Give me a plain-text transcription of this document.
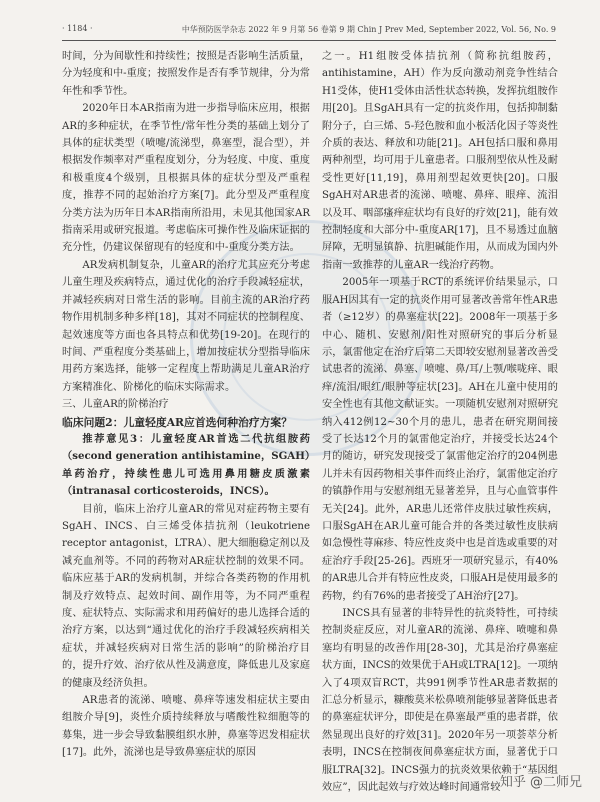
· 1184 ·	中华预防医学杂志 2022 年 9 月第 56 卷第 9 期 Chin J Prev Med, September 2022, Vol. 56, No. 9

时间，分为间歇性和持续性；按照是否影响生活质量，分为轻度和中-重度；按照发作是否有季节规律，分为常年性和季节性。

2020年日本AR指南为进一步指导临床应用，根据AR的多种症状，在季节性/常年性分类的基础上划分了具体的症状类型（喷嚏/流涕型，鼻塞型，混合型），并根据发作频率对严重程度划分，分为轻度、中度、重度和极重度4个级别，且根据具体的症状分型及严重程度，推荐不同的起始治疗方案[7]。此分型及严重程度分类方法为历年日本AR指南所沿用，未见其他国家AR指南采用或研究报道。考虑临床可操作性及临床证据的充分性，仍建议保留现有的轻度和中-重度分类方法。

AR发病机制复杂，儿童AR的治疗尤其应充分考虑儿童生理及疾病特点，通过优化的治疗手段减轻症状，并减轻疾病对日常生活的影响。目前主流的AR治疗药物作用机制多种多样[18]，其对不同症状的控制程度、起效速度等方面也各具特点和优势[19-20]。在现行的时间、严重程度分类基础上，增加按症状分型指导临床用药方案选择，能够一定程度上帮助满足儿童AR治疗方案精准化、阶梯化的临床实际需求。

三、儿童AR的阶梯治疗

临床问题2：儿童轻度AR应首选何种治疗方案？

推荐意见3：儿童轻度AR首选二代抗组胺药（second generation antihistamine，SGAH）单药治疗，持续性患儿可选用鼻用糖皮质激素（intranasal corticosteroids，INCS）。

目前，临床上治疗儿童AR的常见对症药物主要有SgAH、INCS、白三烯受体拮抗剂（leukotriene receptor antagonist，LTRA）、肥大细胞稳定剂以及减充血剂等。不同的药物对AR症状控制的效果不同。临床应基于AR的发病机制，并综合各类药物的作用机制及疗效特点、起效时间、副作用等，为不同严重程度、症状特点、实际需求和用药偏好的患儿选择合适的治疗方案，以达到“通过优化的治疗手段减轻疾病相关症状，并减轻疾病对日常生活的影响”的阶梯治疗目的，提升疗效、治疗依从性及满意度，降低患儿及家庭的健康及经济负担。

AR患者的流涕、喷嚏、鼻痒等速发相症状主要由组胺介导[9]，炎性介质持续释放与嗜酸性粒细胞等的募集，进一步会导致黏膜组织水肿，鼻塞等迟发相症状[17]。此外，流涕也是导致鼻塞症状的原因

之一。H1组胺受体拮抗剂（简称抗组胺药，antihistamine，AH）作为反向激动剂竞争性结合H1受体，使H1受体由活性状态转换，发挥抗组胺作用[20]。且SgAH具有一定的抗炎作用，包括抑制黏附分子，白三烯、5-羟色胺和血小板活化因子等炎性介质的表达、释放和功能[21]。AH包括口服和鼻用两种剂型，均可用于儿童患者。口服剂型依从性及耐受性更好[11,19]，鼻用剂型起效更快[20]。口服SgAH对AR患者的流涕、喷嚏、鼻痒、眼痒、流泪以及耳、咽部瘙痒症状均有良好的疗效[21]，能有效控制轻度和大部分中-重度AR[17]，且不易透过血脑屏障，无明显镇静、抗胆碱能作用，从而成为国内外指南一致推荐的儿童AR一线治疗药物。

2005年一项基于RCT的系统评价结果显示，口服AH因其有一定的抗炎作用可显著改善常年性AR患者（≥12岁）的鼻塞症状[22]。2008年一项基于多中心、随机、安慰剂/阳性对照研究的事后分析显示，氯雷他定在治疗后第二天即较安慰剂显著改善受试患者的流涕、鼻塞、喷嚏、鼻/耳/上颚/喉咙痒、眼痒/流泪/眼红/眼肿等症状[23]。AH在儿童中使用的安全性也有其他文献证实。一项随机安慰剂对照研究纳入412例12~30个月的患儿，患者在研究期间接受了长达12个月的氯雷他定治疗，并接受长达24个月的随访，研究发现接受了氯雷他定治疗的204例患儿并未有因药物相关事件而终止治疗，氯雷他定治疗的镇静作用与安慰剂组无显著差异，且与心血管事件无关[24]。此外，AR患儿还常伴皮肤过敏性疾病，口服SgAH在AR儿童可能合并的各类过敏性皮肤病如急慢性荨麻疹、特应性皮炎中也是首选或重要的对症治疗手段[25-26]。西班牙一项研究显示，有40%的AR患儿合并有特应性皮炎，口服AH是使用最多的药物，约有76%的患者接受了AH治疗[27]。

INCS具有显著的非特异性的抗炎特性，可持续控制炎症反应，对儿童AR的流涕、鼻痒、喷嚏和鼻塞均有明显的改善作用[28-30]，尤其是治疗鼻塞症状方面，INCS的效果优于AH或LTRA[12]。一项纳入了4项双盲RCT，共991例季节性AR患者数据的汇总分析显示，糠酸莫米松鼻喷剂能够显著降低患者的鼻塞症状评分，即使是在鼻塞最严重的患者群，依然显现出良好的疗效[31]。2020年另一项荟萃分析表明，INCS在控制夜间鼻塞症状方面，显著优于口服LTRA[32]。INCS强力的抗炎效果依赖于“基因组效应”，因此起效与疗效达峰时间通常较 知乎 @二师兄
